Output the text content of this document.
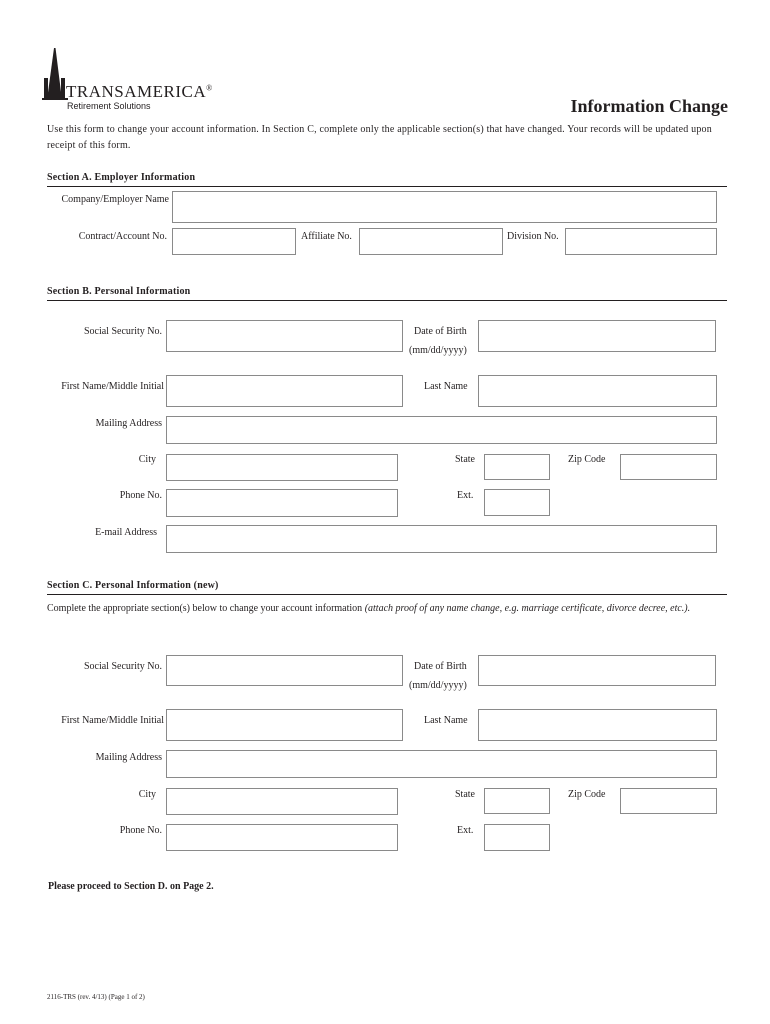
TRANSAMERICA®
Retirement Solutions	Information Change
Use this form to change your account information. In Section C, complete only the applicable section(s) that have changed. Your records will be updated upon receipt of this form.
Section A. Employer Information
Company/Employer Name
Contract/Account No.	Affiliate No.	Division No.
Section B. Personal Information
Social Security No.	Date of Birth
(mm/dd/yyyy)
First Name/Middle Initial	Last Name
Mailing Address
City	State	Zip Code
Phone No.	Ext.
E-mail Address
Section C. Personal Information (new)
Complete the appropriate section(s) below to change your account information (attach proof of any name change, e.g. marriage certificate, divorce decree, etc.).
Social Security No.	Date of Birth
(mm/dd/yyyy)
First Name/Middle Initial	Last Name
Mailing Address
City	State	Zip Code
Phone No.	Ext.
Please proceed to Section D. on Page 2.
2116-TRS (rev. 4/13) (Page 1 of 2)
